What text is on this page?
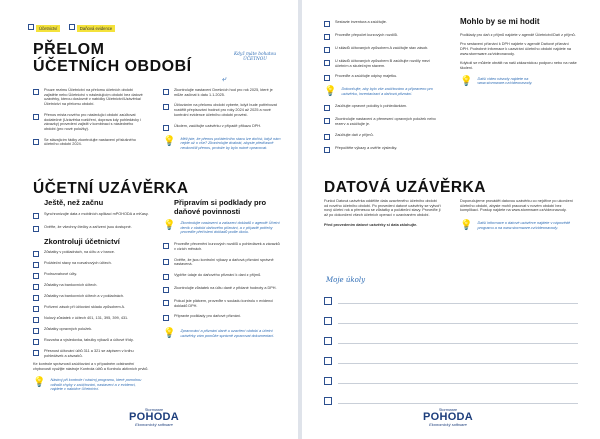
Účetnictví	Daňová evidence
PŘELOM
ÚČETNÍCH OBDOBÍ
Když máte bohatou ÚČETNOU
⤶
Pouze rezimu Účetnictví na přelomu účetních období zajistěte nebo Účetnictví v následujícím období bez datové uzávěrky, kterou doslovně v nabídky Účetnictví/Uzávěrka/Účetnictví na přelomu období.
Přenos místa nového pro následující období zaúčtovat dodatečné (Uzávěrka rozšíření, doprava kdy pohledávky i závazky) provedení zajistit v kombinaci s následného období (pro nové položky).
Se stávajícím řádky zkontrolujte nastavení příslušného účetního období 2024.
Zkontrolujte nastavení Dnešních hod pro rok 2025, které je může začínat k datu 1.1.2025.
Účtováním na přelomu období vyberte, když bude potřebovat rozdělit přepisování hodnot pro roky 2024 až 2025 a nové kontrolní evidence účetního období provést.
Úkolem, zaúčtujte uzávěrku v případě příkazu DPH.
💡 Měli jste, že přenos počátečního stavu lze dočíst, když nám nejde už o vše? Zkontrolujte dvakrát, abyste předčasně neukončili přenos, protože by bylo nutné opravovat.
ÚČETNÍ UZÁVĚRKA
Ještě, než začnu
Synchronizujte data z mobilních aplikací mPOHODA a mKasy.
Ověřte, že všechny čtečky a zařízení jsou dostupné.
Zkontroluji účetnictví
Zůstatky v pokladnách, na účtu a v bance.
Počáteční stavy na rozvahových účtech.
Podrozvahové účty.
Zůstatky na bankovních účtech.
Zůstatky na bankovních účtech a v pokladnách.
Pořízení zásob při účtování skladu způsobem A.
Nulový zůstatek v účtech 401, 131, 395, 399, 431.
Zůstatky opravných položek.
Rozvaha a výsledovka, tabulky výkazů a účtové třídy.
Přesnost účtování účtů 311 a 321 se zápisem v knihu pohledávek a závazků.
Ke kontrole správnosti zaúčtování a v případném odstranění chybovosti využijte nástroje Kontrola účtů a Kontrolu aktivních prvků.
💡 Nástroj při kontrole i nástroj programu, které pomohou odhalit chyby v zaúčtování, nastavení a v evidenci, najdete v nabídce Účetnictví.
Připravím si podklady pro daňové povinnosti
💡 Zkontrolujte nastavení a zařazení dokladů v agendě Účetní deník v období daňového přiznání, a v případě potřeby proveďte přečíslení dokladů podle úkolu.
Proveďte přecenění kurzových rozdílů u pohledávek a závazků v cizích měnách.
Ověřte, že jsou kontrolní výkazy a daňová přiznání správně nastavená.
Vyplňte údaje do daňového přiznání k dani z příjmů.
Zkontrolujte zůstatek na účtu daně z přidané hodnoty a DPH.
Pokud jste plátcem, proveďte v souladu kontrolu v evidenci dokladů DPH.
Připravte podklady pro daňové přiznání.
💡 Zpracování a přiznání daně u uzavření období a účetní uzávěrky vám pomůže správně zpracovat dokumentaci.
Stormware
POHODA
Ekonomický software
Sestavte inventura a zaúčtujte.
Proveďte přepočet kurzových rozdílů.
U skladů účtovaných způsobem A zaúčtujte stav zásob.
U skladů účtovaných způsobem B zaúčtujte rozdíly mezi účetním a skutečným stavem.
Proveďte a zaúčtujte odpisy majetku.
💡 Dokončujte, aby bylo vše zaúčtováno a připraveno pro uzávěrku, inventarizaci a daňová přiznání.
Zaúčtujte opravné položky k pohledávkám.
Zkontrolujte nastavení a přenesení opravných položek nebo rezerv a zaúčtujte je.
Zaúčtujte daň z příjmů.
Přepočtěte výkazy a ověřte výsledky.
Mohlo by se mi hodit
Podklady pro daň z příjmů najdete v agendě Účetnictví/Daň z příjmů.
Pro sestavení přiznání k DPH najdete v agendě Daňové přiznání DPH. Podrobné informace k uzavírání účetního období najdete na www.stormware.cz/videonavody.
Kdykoli se můžete obrátit na naši zákaznickou podporu nebo na naše školení.
💡 Další video návody najdete na www.stormware.cz/videonavody.
DATOVÁ UZÁVĚRKA
Funkci Datová uzávěrka oddělíte data uzavřeného účetního období od nového účetního období. Po provedení datové uzávěrky se vytvoří nový účetní rok a přenesou se zůstatky a počáteční stavy. Proveďte ji až po dokončení všech účetních operací v uzavíraném období.
Před provedením datové uzávěrky si data zálohujte.
Doporučujeme provádět datovou uzávěrku co nejdříve po ukončení účetního období, abyste mohli pracovat v novém období bez komplikací. Postup najdete na www.stormware.cz/videonavody.
💡 Další informace o datové uzávěrce najdete v nápovědě programu a na www.stormware.cz/videonavody.
Moje úkoly
Stormware
POHODA
Ekonomický software
